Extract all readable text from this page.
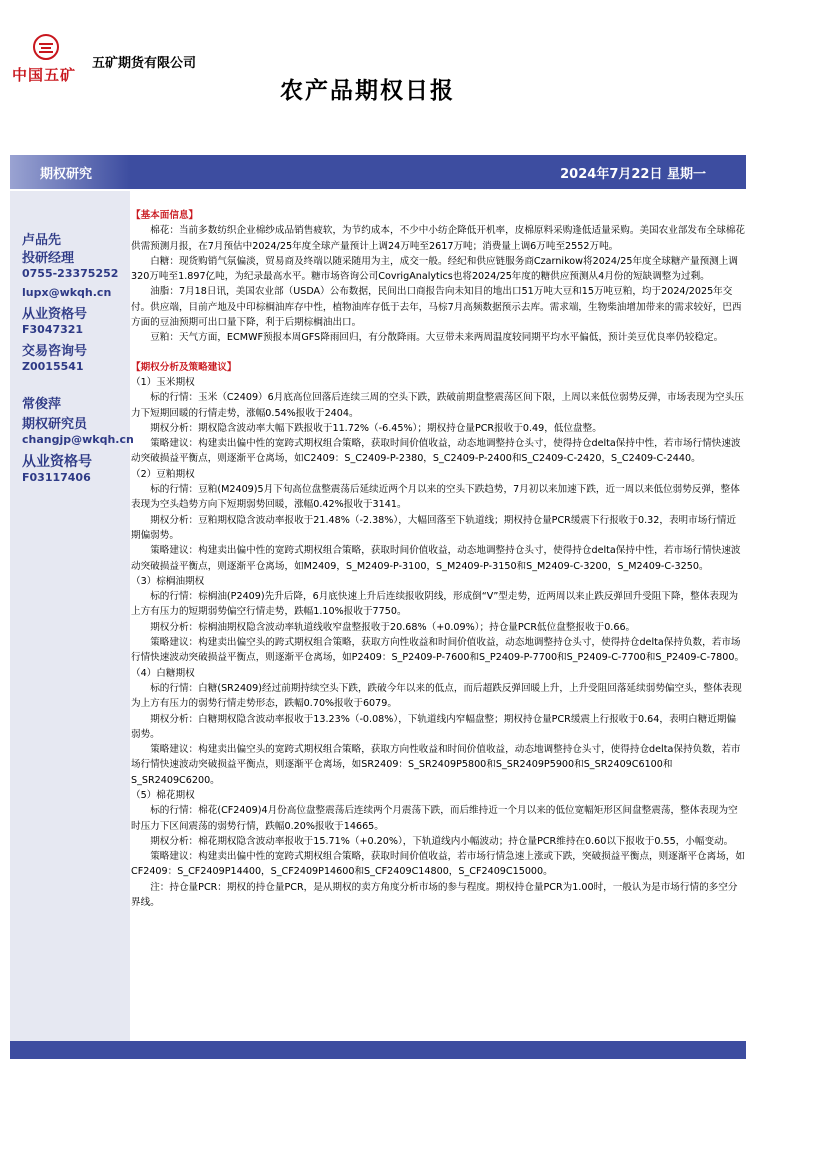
中国五矿
五矿期货有限公司
农产品期权日报
期权研究	2024年7月22日 星期一
卢品先
投研经理
0755-23375252
lupx@wkqh.cn
从业资格号
F3047321
交易咨询号
Z0015541
常俊萍
期权研究员
changjp@wkqh.cn
从业资格号
F03117406

【基本面信息】

棉花：当前多数纺织企业棉纱成品销售疲软，为节约成本，不少中小纺企降低开机率，皮棉原料采购逢低适量采购。美国农业部发布全球棉花供需预测月报，在7月预估中2024/25年度全球产量预计上调24万吨至2617万吨；消费量上调6万吨至2552万吨。

白糖：现货购销气氛偏淡，贸易商及终端以随采随用为主，成交一般。经纪和供应链服务商Czarnikow将2024/25年度全球糖产量预测上调320万吨至1.897亿吨，为纪录最高水平。糖市场咨询公司CovrigAnalytics也将2024/25年度的糖供应预测从4月份的短缺调整为过剩。

油脂：7月18日讯，美国农业部（USDA）公布数据，民间出口商报告向未知目的地出口51万吨大豆和15万吨豆粕，均于2024/2025年交付。供应端，目前产地及中印棕榈油库存中性，植物油库存低于去年，马棕7月高频数据预示去库。需求端，生物柴油增加带来的需求较好，巴西方面的豆油预期可出口量下降，利于后期棕榈油出口。

豆粕：天气方面，ECMWF预报本周GFS降雨回归，有分散降雨。大豆带未来两周温度较同期平均水平偏低，预计美豆优良率仍较稳定。

【期权分析及策略建议】

（1）玉米期权

标的行情：玉米（C2409）6月底高位回落后连续三周的空头下跌，跌破前期盘整震荡区间下限，上周以来低位弱势反弹，市场表现为空头压力下短期回暖的行情走势，涨幅0.54%报收于2404。

期权分析：期权隐含波动率大幅下跌报收于11.72%（-6.45%）；期权持仓量PCR报收于0.49，低位盘整。

策略建议：构建卖出偏中性的宽跨式期权组合策略，获取时间价值收益，动态地调整持仓头寸，使得持仓delta保持中性，若市场行情快速波动突破损益平衡点，则逐渐平仓离场，如C2409：S_C2409-P-2380，S_C2409-P-2400和S_C2409-C-2420，S_C2409-C-2440。

（2）豆粕期权

标的行情：豆粕(M2409)5月下旬高位盘整震荡后延续近两个月以来的空头下跌趋势，7月初以来加速下跌，近一周以来低位弱势反弹，整体表现为空头趋势方向下短期弱势回暖，涨幅0.42%报收于3141。

期权分析：豆粕期权隐含波动率报收于21.48%（-2.38%），大幅回落至下轨道线；期权持仓量PCR缓震下行报收于0.32，表明市场行情近期偏弱势。

策略建议：构建卖出偏中性的宽跨式期权组合策略，获取时间价值收益，动态地调整持仓头寸，使得持仓delta保持中性，若市场行情快速波动突破损益平衡点，则逐渐平仓离场，如M2409，S_M2409-P-3100，S_M2409-P-3150和S_M2409-C-3200，S_M2409-C-3250。

（3）棕榈油期权

标的行情：棕榈油(P2409)先升后降，6月底快速上升后连续报收阴线，形成倒“V”型走势，近两周以来止跌反弹回升受阻下降，整体表现为上方有压力的短期弱势偏空行情走势，跌幅1.10%报收于7750。

期权分析：棕榈油期权隐含波动率轨道线收窄盘整报收于20.68%（+0.09%）；持仓量PCR低位盘整报收于0.66。

策略建议：构建卖出偏空头的跨式期权组合策略，获取方向性收益和时间价值收益，动态地调整持仓头寸，使得持仓delta保持负数，若市场行情快速波动突破损益平衡点，则逐渐平仓离场，如P2409：S_P2409-P-7600和S_P2409-P-7700和S_P2409-C-7700和S_P2409-C-7800。

（4）白糖期权

标的行情：白糖(SR2409)经过前期持续空头下跌，跌破今年以来的低点，而后超跌反弹回暖上升，上升受阻回落延续弱势偏空头，整体表现为上方有压力的弱势行情走势形态，跌幅0.70%报收于6079。

期权分析：白糖期权隐含波动率报收于13.23%（-0.08%），下轨道线内窄幅盘整；期权持仓量PCR缓震上行报收于0.64，表明白糖近期偏弱势。

策略建议：构建卖出偏空头的宽跨式期权组合策略，获取方向性收益和时间价值收益，动态地调整持仓头寸，使得持仓delta保持负数，若市场行情快速波动突破损益平衡点，则逐渐平仓离场，如SR2409：S_SR2409P5800和S_SR2409P5900和S_SR2409C6100和S_SR2409C6200。

（5）棉花期权

标的行情：棉花(CF2409)4月份高位盘整震荡后连续两个月震荡下跌，而后维持近一个月以来的低位宽幅矩形区间盘整震荡，整体表现为空时压力下区间震荡的弱势行情，跌幅0.20%报收于14665。

期权分析：棉花期权隐含波动率报收于15.71%（+0.20%），下轨道线内小幅波动；持仓量PCR维持在0.60以下报收于0.55，小幅变动。

策略建议：构建卖出偏中性的宽跨式期权组合策略，获取时间价值收益，若市场行情急速上涨或下跌，突破损益平衡点，则逐渐平仓离场，如CF2409：S_CF2409P14400，S_CF2409P14600和S_CF2409C14800，S_CF2409C15000。

注：持仓量PCR：期权的持仓量PCR，是从期权的卖方角度分析市场的参与程度。期权持仓量PCR为1.00时，一般认为是市场行情的多空分界线。
